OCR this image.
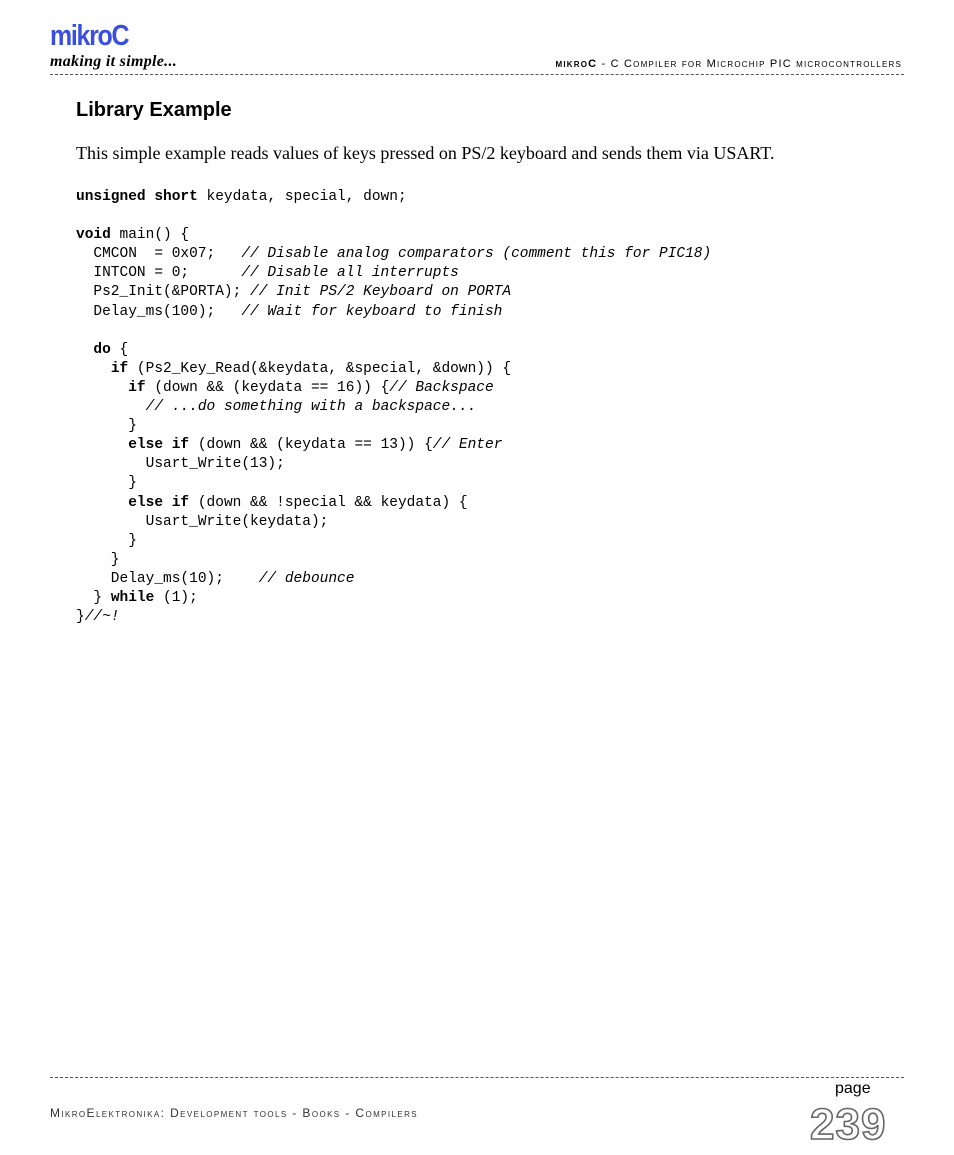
mikroC
making it simple...	mikroC - C Compiler for Microchip PIC microcontrollers
Library Example
This simple example reads values of keys pressed on PS/2 keyboard and sends them via USART.
unsigned short keydata, special, down;

void main() {
CMCON  = 0x07;   // Disable analog comparators (comment this for PIC18)
INTCON = 0;      // Disable all interrupts
Ps2_Init(&PORTA); // Init PS/2 Keyboard on PORTA
Delay_ms(100);   // Wait for keyboard to finish

do {
if (Ps2_Key_Read(&keydata, &special, &down)) {
if (down && (keydata == 16)) {// Backspace
// ...do something with a backspace...
}
else if (down && (keydata == 13)) {// Enter
Usart_Write(13);
}
else if (down && !special && keydata) {
Usart_Write(keydata);
}
}
Delay_ms(10);    // debounce
} while (1);
}//~!

page
MikroElektronika: Development tools - Books - Compilers	239
